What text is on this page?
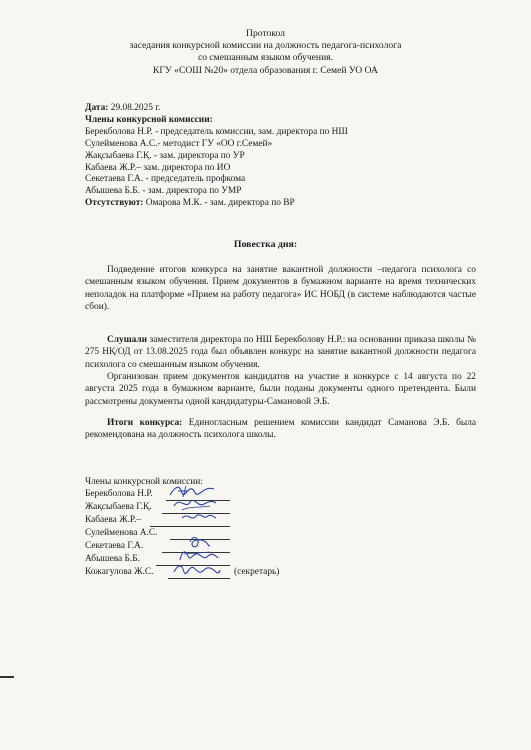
Протокол
заседания конкурсной комиссии на должность педагога-психолога
со смешанным языком обучения.
КГУ «СОШ №20» отдела образования г. Семей УО ОА
Дата: 29.08.2025 г.
Члены конкурсной комиссии:
Берекболова Н.Р. - председатель комиссии, зам. директора по НШ
Сулейменова А.С.- методист ГУ «ОО г.Семей»
Жақсыбаева Г.Қ. - зам. директора по УР
Кабаева Ж.Р.– зам. директора по ИО
Секетаева Г.А. - председатель профкома
Абышева Б.Б. - зам. директора по УМР
Отсутствуют: Омарова М.К. - зам. директора по ВР
Повестка дня:
Подведение итогов конкурса на занятие вакантной должности –педагога психолога со смешанным языком обучения. Прием документов в бумажном варианте на время технических неполадок на платформе «Прием на работу педагога» ИС НОБД (в системе наблюдаются частые сбои).
Слушали заместителя директора по НШ Берекболову Н.Р.: на основании приказа школы № 275 НҚ/ОД от 13.08.2025 года был объявлен конкурс на занятие вакантной должности педагога психолога со смешанным языком обучения.
Организован прием документов кандидатов на участие в конкурсе с 14 августа по 22 августа 2025 года в бумажном варианте, были поданы документы одного претендента. Были рассмотрены документы одной кандидатуры-Самановой Э.Б.
Итоги конкурса: Единогласным решением комиссии кандидат Саманова Э.Б. была рекомендована на должность психолога школы.
Члены конкурсной комиссии:
Берекболова Н.Р.
Жақсыбаева Г.Қ.
Кабаева Ж.Р.–
Сулейменова А.С.
Секетаева Г.А.
Абышева Б.Б.
Кожагулова Ж.С.	(секретарь)
